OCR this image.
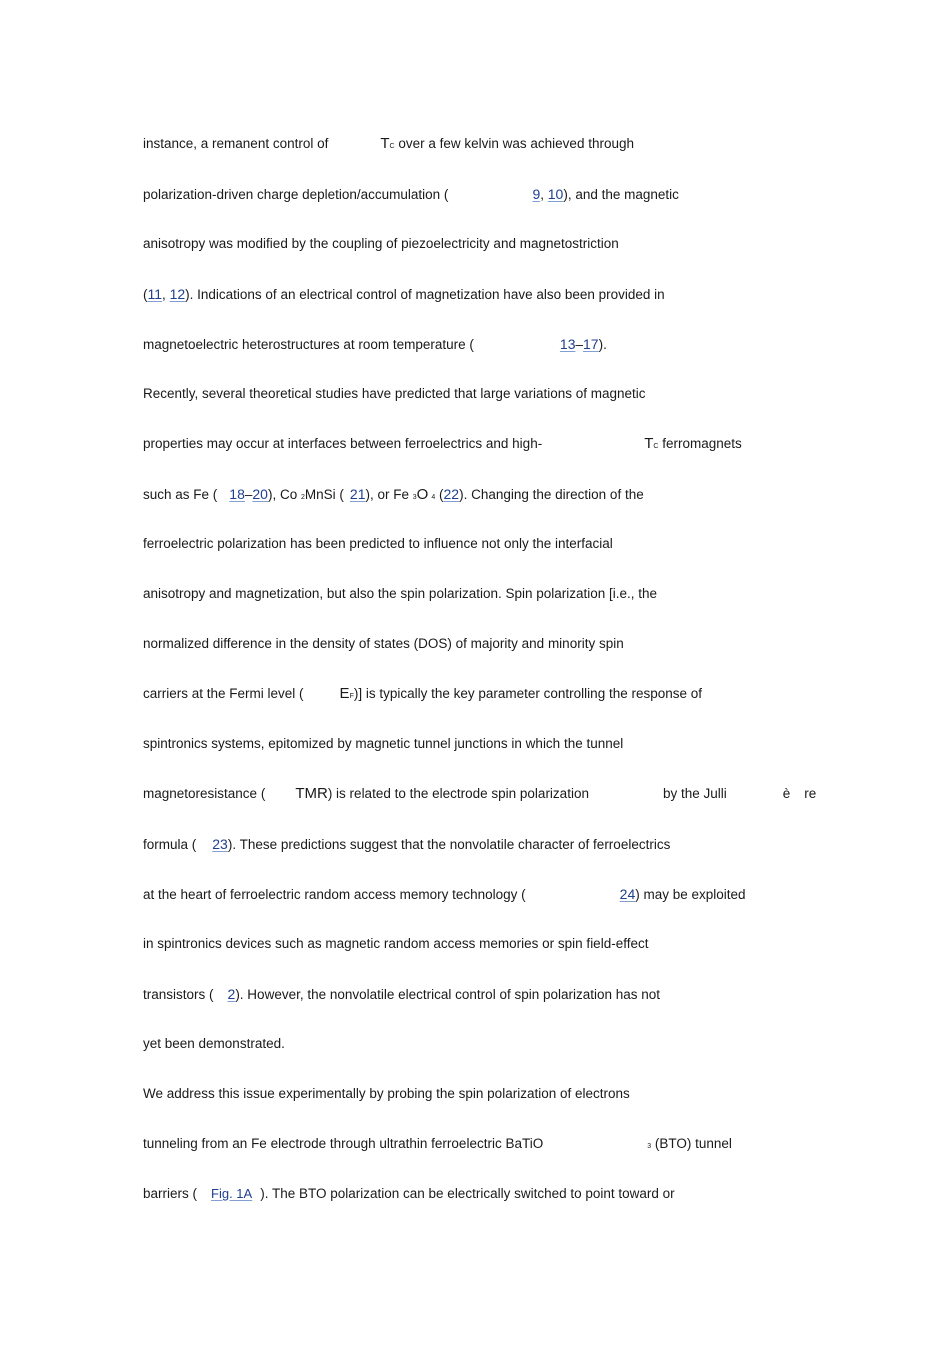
instance, a remanent control of	TC over a few kelvin was achieved through
polarization-driven charge depletion/accumulation (	9, 10), and the magnetic
anisotropy was modified by the coupling of piezoelectricity and magnetostriction
(11, 12). Indications of an electrical control of magnetization have also been provided in
magnetoelectric heterostructures at room temperature (	13–17).
Recently, several theoretical studies have predicted that large variations of magnetic
properties may occur at interfaces between ferroelectrics and high-	TC ferromagnets
such as Fe ( 18–20), Co 2MnSi ( 21), or Fe 3O 4 (22). Changing the direction of the
ferroelectric polarization has been predicted to influence not only the interfacial
anisotropy and magnetization, but also the spin polarization. Spin polarization [i.e., the
normalized difference in the density of states (DOS) of majority and minority spin
carriers at the Fermi level ( EF)] is typically the key parameter controlling the response of
magnetoresistance ( TMR) is related to the electrode spin polarization	by the Julli	è re
spintronics systems, epitomized by magnetic tunnel junctions in which the tunnel
formula ( 23). These predictions suggest that the nonvolatile character of ferroelectrics
at the heart of ferroelectric random access memory technology (	24) may be exploited
in spintronics devices such as magnetic random access memories or spin field-effect
transistors ( 2). However, the nonvolatile electrical control of spin polarization has not
yet been demonstrated.
We address this issue experimentally by probing the spin polarization of electrons
tunneling from an Fe electrode through ultrathin ferroelectric BaTiO	3 (BTO) tunnel
barriers ( Fig. 1A ). The BTO polarization can be electrically switched to point toward or
